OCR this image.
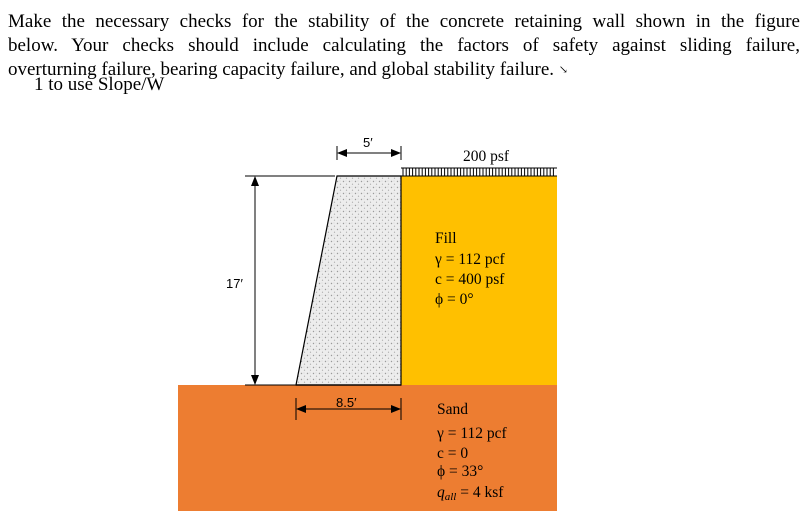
Make the necessary checks for the stability of the concrete retaining wall shown in the figure
below. Your checks should include calculating the factors of safety against sliding failure,
overturning failure, bearing capacity failure, and global stability failure. ↘
1 to use Slope/W
5′
200 psf
17′
8.5′
Fill
γ = 112 pcf
c = 400 psf
ϕ = 0°
Sand
γ = 112 pcf
c = 0
ϕ = 33°
qall = 4 ksf
